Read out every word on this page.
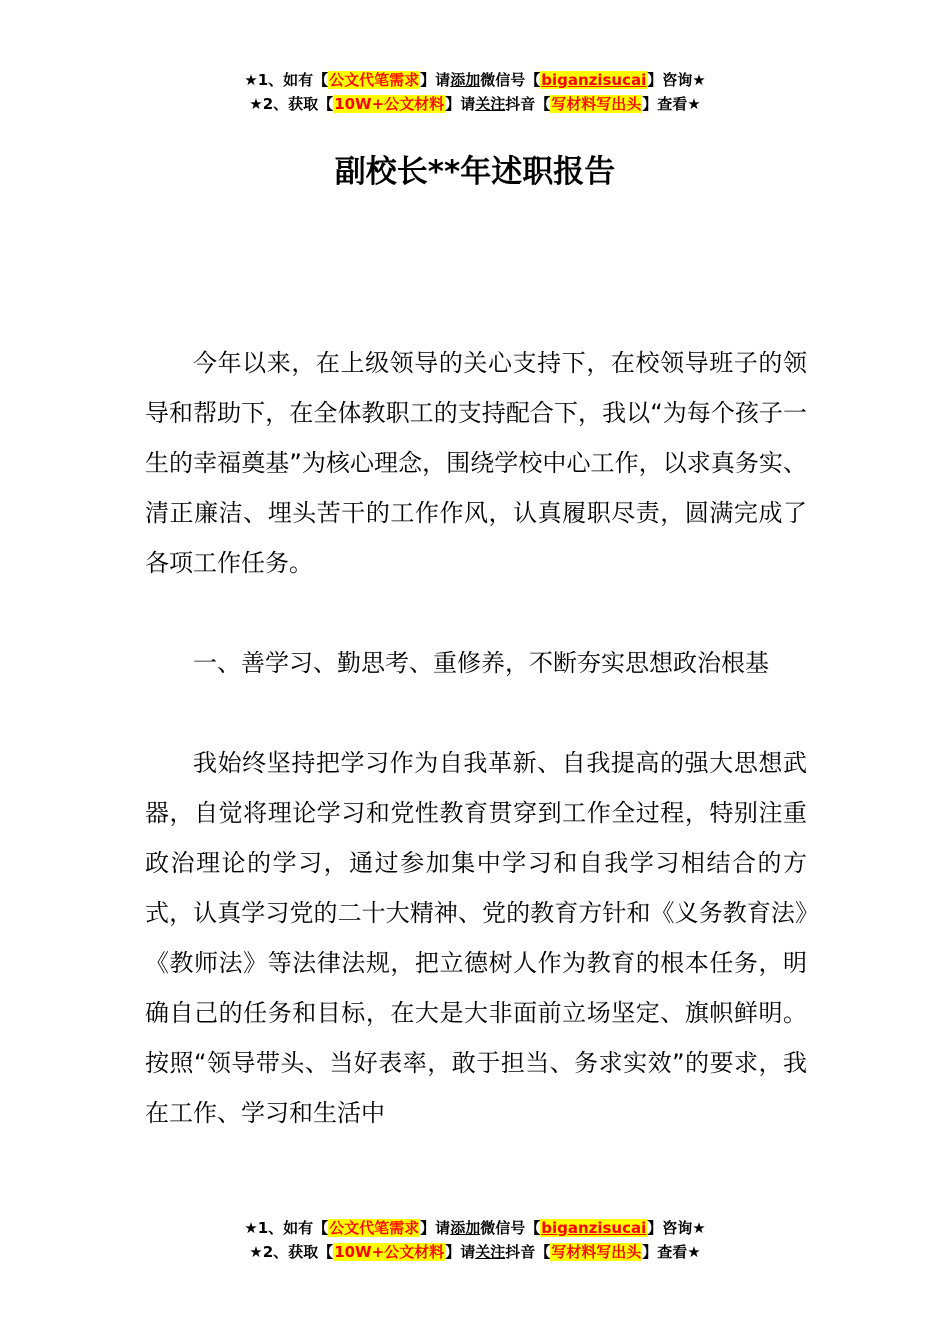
★1、如有【公文代笔需求】请添加微信号【biganzisucai】咨询★
★2、获取【10W+公文材料】请关注抖音【写材料写出头】查看★
副校长**年述职报告

今年以来，在上级领导的关心支持下，在校领导班子的领导和帮助下，在全体教职工的支持配合下，我以“为每个孩子一生的幸福奠基”为核心理念，围绕学校中心工作，以求真务实、清正廉洁、埋头苦干的工作作风，认真履职尽责，圆满完成了各项工作任务。

一、善学习、勤思考、重修养，不断夯实思想政治根基

我始终坚持把学习作为自我革新、自我提高的强大思想武器，自觉将理论学习和党性教育贯穿到工作全过程，特别注重政治理论的学习，通过参加集中学习和自我学习相结合的方式，认真学习党的二十大精神、党的教育方针和《义务教育法》《教师法》等法律法规，把立德树人作为教育的根本任务，明确自己的任务和目标，在大是大非面前立场坚定、旗帜鲜明。按照“领导带头、当好表率，敢于担当、务求实效”的要求，我在工作、学习和生活中

★1、如有【公文代笔需求】请添加微信号【biganzisucai】咨询★
★2、获取【10W+公文材料】请关注抖音【写材料写出头】查看★
